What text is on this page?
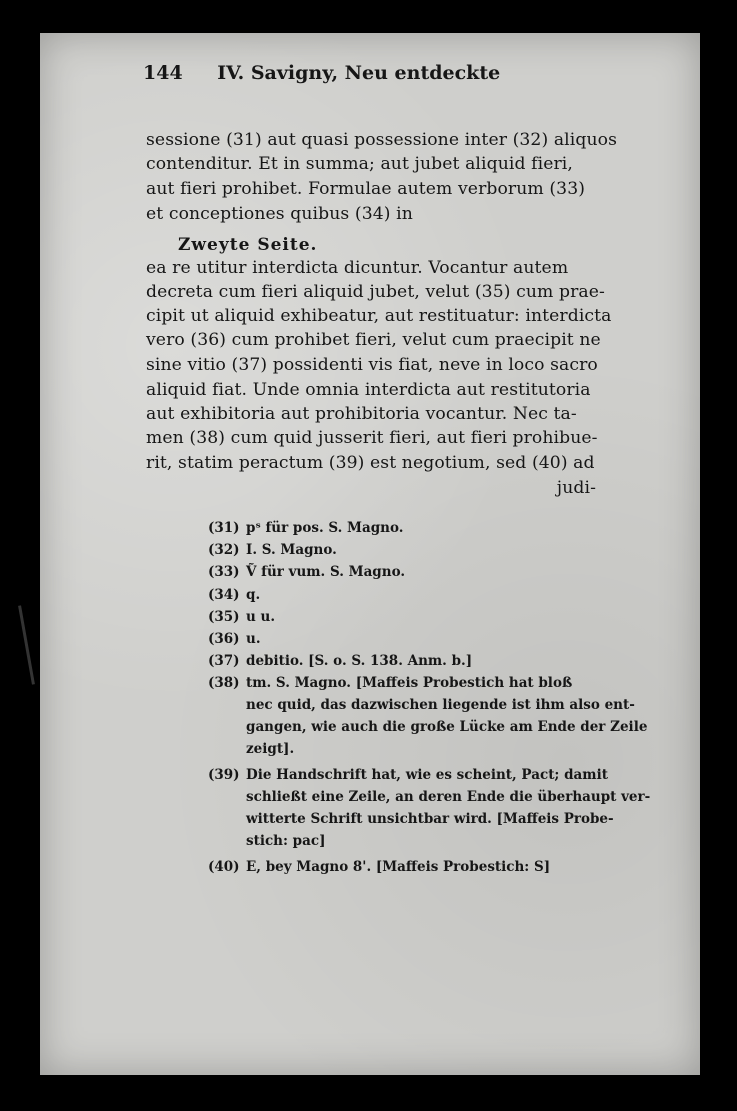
144 IV. Savigny, Neu entdeckte
sessione (31) aut quasi possessione inter (32) aliquos
contenditur. Et in summa; aut jubet aliquid fieri,
aut fieri prohibet. Formulae autem verborum (33)
et conceptiones quibus (34) in
Zweyte Seite.
ea re utitur interdicta dicuntur. Vocantur autem
decreta cum fieri aliquid jubet, velut (35) cum prae-
cipit ut aliquid exhibeatur, aut restituatur: interdicta
vero (36) cum prohibet fieri, velut cum praecipit ne
sine vitio (37) possidenti vis fiat, neve in loco sacro
aliquid fiat. Unde omnia interdicta aut restitutoria
aut exhibitoria aut prohibitoria vocantur. Nec ta-
men (38) cum quid jusserit fieri, aut fieri prohibue-
rit, statim peractum (39) est negotium, sed (40) ad
judi-
(31) pˢ für pos. S. Magno.
(32) I. S. Magno.
(33) Ṽ für vum. S. Magno.
(34) q.
(35) u u.
(36) u.
(37) debitio. [S. o. S. 138. Anm. b.]
(38) tm. S. Magno. [Maffeis Probestich hat bloß
nec quid, das dazwischen liegende ist ihm also ent-
gangen, wie auch die große Lücke am Ende der Zeile
zeigt].
(39) Die Handschrift hat, wie es scheint, Pact; damit
schließt eine Zeile, an deren Ende die überhaupt ver-
witterte Schrift unsichtbar wird. [Maffeis Probe-
stich: pac]
(40) E, bey Magno 8'. [Maffeis Probestich: S]
